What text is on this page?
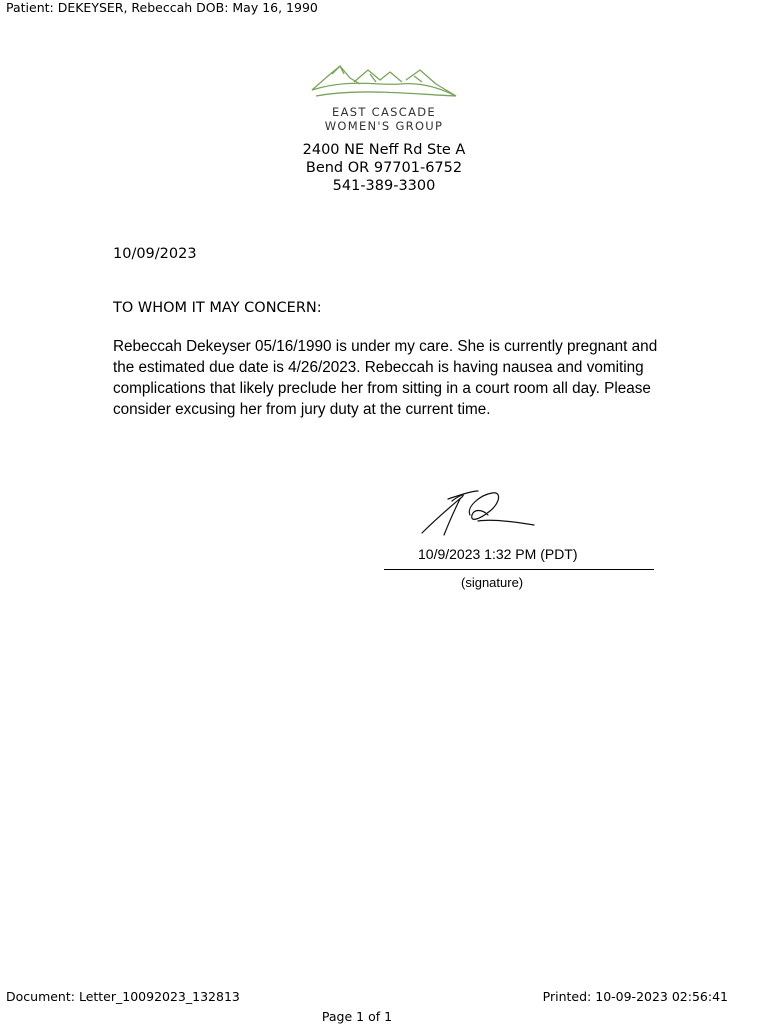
Patient: DEKEYSER, Rebeccah DOB: May 16, 1990
EAST CASCADE
WOMEN'S GROUP
2400 NE Neff Rd Ste A
Bend OR 97701-6752
541-389-3300
10/09/2023
TO WHOM IT MAY CONCERN:
Rebeccah Dekeyser 05/16/1990 is under my care. She is currently pregnant and the estimated due date is 4/26/2023. Rebeccah is having nausea and vomiting complications that likely preclude her from sitting in a court room all day. Please consider excusing her from jury duty at the current time.
10/9/2023 1:32 PM (PDT)
(signature)
Document: Letter_10092023_132813	Printed: 10-09-2023 02:56:41
Page 1 of 1
